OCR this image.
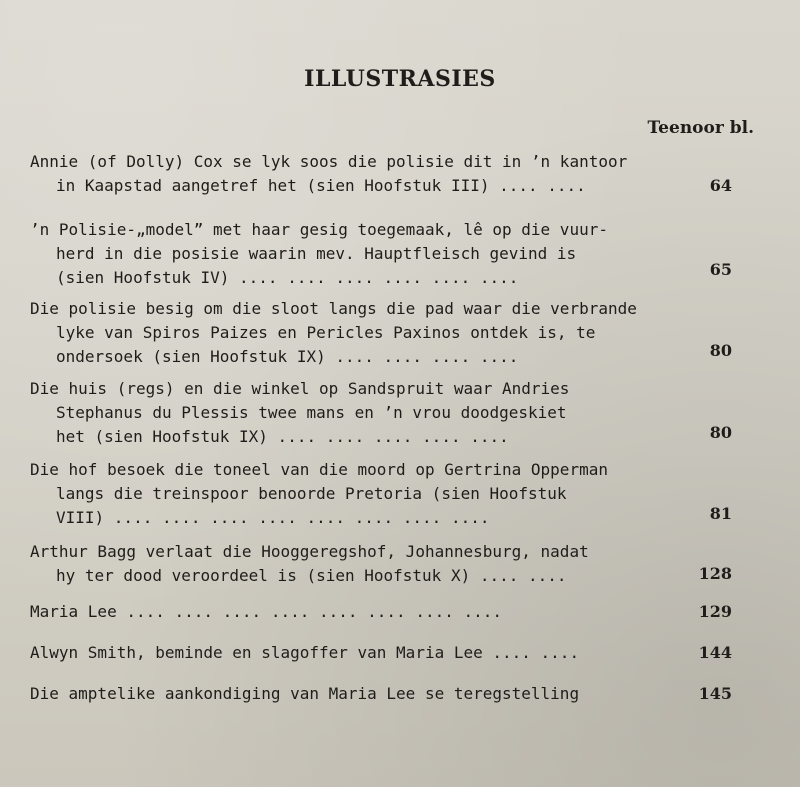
ILLUSTRASIES
Teenoor bl.
Annie (of Dolly) Cox se lyk soos die polisie dit in ’n kantoor
in Kaapstad aangetref het (sien Hoofstuk III) .... ....	64
’n Polisie-„model” met haar gesig toegemaak, lê op die vuur-
herd in die posisie waarin mev. Hauptfleisch gevind is
(sien Hoofstuk IV) .... .... .... .... .... ....	65
Die polisie besig om die sloot langs die pad waar die verbrande
lyke van Spiros Paizes en Pericles Paxinos ontdek is, te
ondersoek (sien Hoofstuk IX) .... .... .... ....	80
Die huis (regs) en die winkel op Sandspruit waar Andries
Stephanus du Plessis twee mans en ’n vrou doodgeskiet
het (sien Hoofstuk IX) .... .... .... .... ....	80
Die hof besoek die toneel van die moord op Gertrina Opperman
langs die treinspoor benoorde Pretoria (sien Hoofstuk
VIII) .... .... .... .... .... .... .... ....	81
Arthur Bagg verlaat die Hooggeregshof, Johannesburg, nadat
hy ter dood veroordeel is (sien Hoofstuk X) .... ....	128
Maria Lee .... .... .... .... .... .... .... ....	129
Alwyn Smith, beminde en slagoffer van Maria Lee .... ....	144
Die amptelike aankondiging van Maria Lee se teregstelling	145
